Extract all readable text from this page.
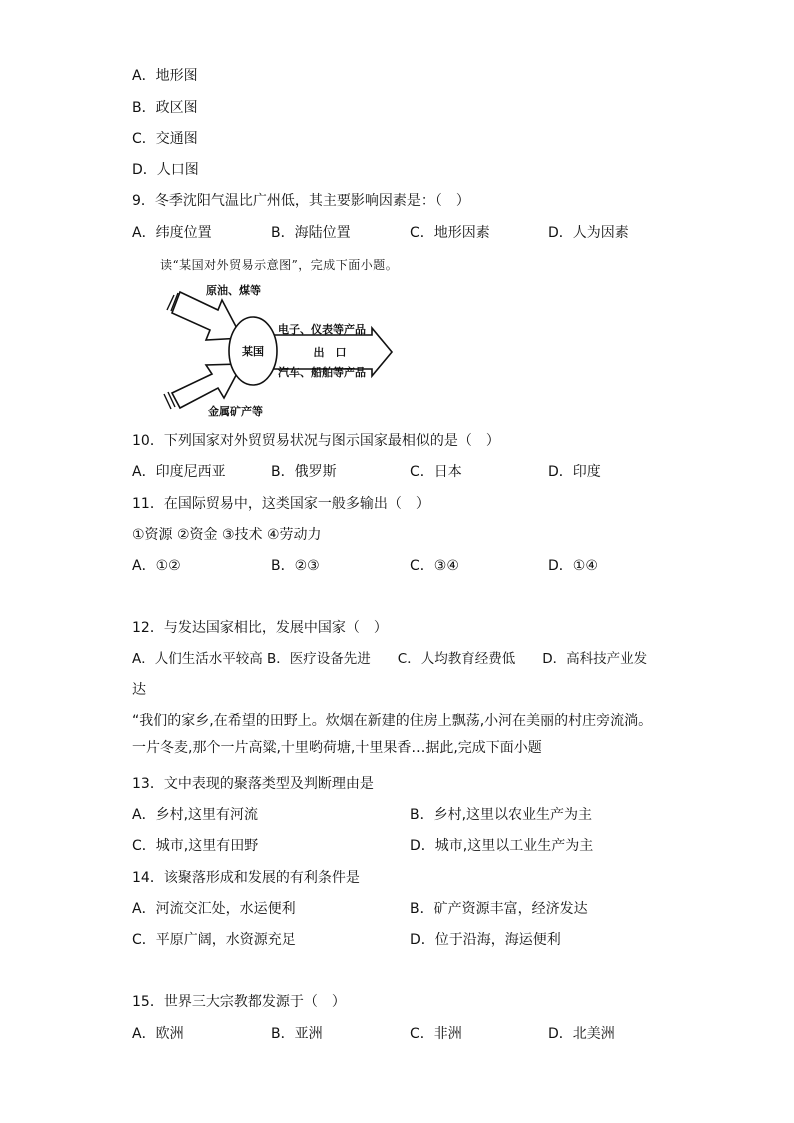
A．地形图
B．政区图
C．交通图
D．人口图
9．冬季沈阳气温比广州低，其主要影响因素是：（　）
A．纬度位置	B．海陆位置	C．地形因素	D．人为因素
读“某国对外贸易示意图”，完成下面小题。
某国
原油、煤等
金属矿产等
电子、仪表等产品
出　口
汽车、船舶等产品
10．下列国家对外贸贸易状况与图示国家最相似的是（　）
A．印度尼西亚	B．俄罗斯	C．日本	D．印度
11．在国际贸易中，这类国家一般多输出（　）
①资源 ②资金 ③技术 ④劳动力
A．①②	B．②③	C．③④	D．①④
12．与发达国家相比，发展中国家（　）
A．人们生活水平较高 B．医疗设备先进　　C．人均教育经费低　　D．高科技产业发
达
“我们的家乡,在希望的田野上。炊烟在新建的住房上飘荡,小河在美丽的村庄旁流淌。一片冬麦,那个一片高粱,十里哟荷塘,十里果香…据此,完成下面小题
13．文中表现的聚落类型及判断理由是
A．乡村,这里有河流	B．乡村,这里以农业生产为主
C．城市,这里有田野	D．城市,这里以工业生产为主
14．该聚落形成和发展的有利条件是
A．河流交汇处，水运便利	B．矿产资源丰富，经济发达
C．平原广阔，水资源充足	D．位于沿海，海运便利
15．世界三大宗教都发源于（　）
A．欧洲	B．亚洲	C．非洲	D．北美洲
